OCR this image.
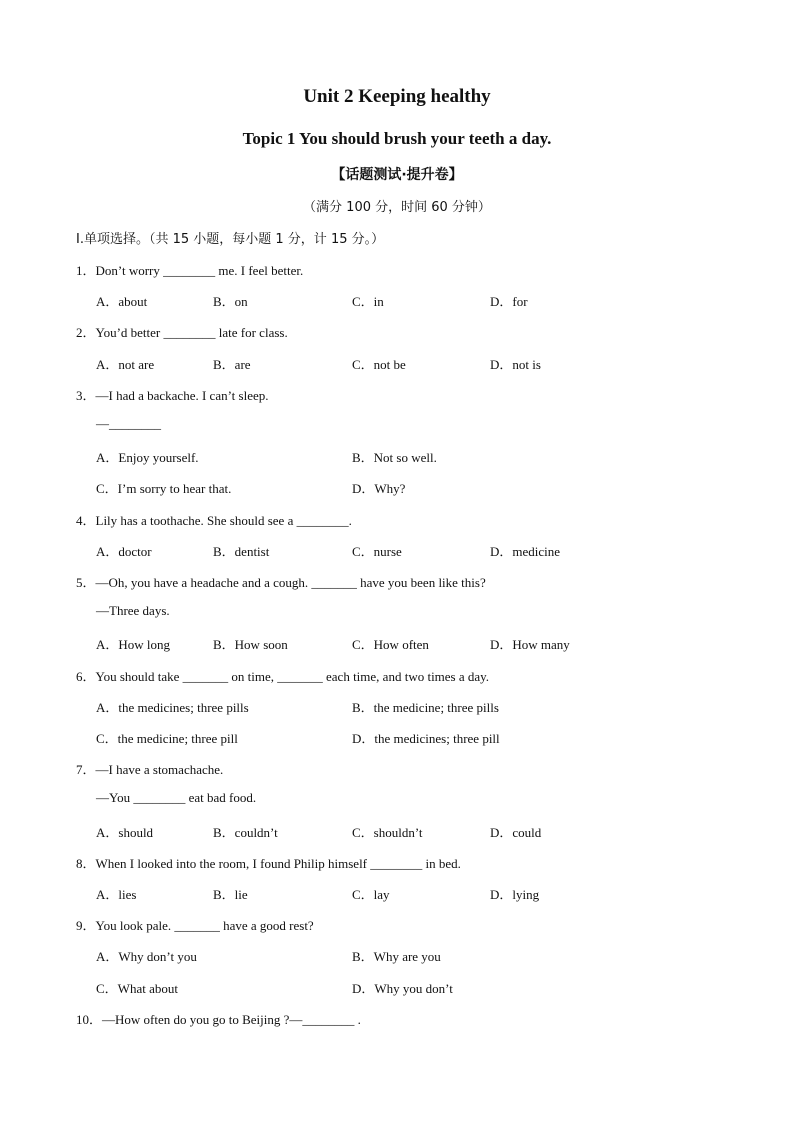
Unit 2 Keeping healthy
Topic 1 You should brush your teeth a day.
【话题测试·提升卷】
（满分 100 分，时间 60 分钟）
I.单项选择。（共 15 小题，每小题 1 分，计 15 分。）
1．Don’t worry ________ me. I feel better.
A．about	B．on	C．in	D．for
2．You’d better ________ late for class.
A．not are	B．are	C．not be	D．not is
3．—I had a backache. I can’t sleep.
—________
A．Enjoy yourself.	B．Not so well.
C．I’m sorry to hear that.	D．Why?
4．Lily has a toothache. She should see a ________.
A．doctor	B．dentist	C．nurse	D．medicine
5．—Oh, you have a headache and a cough. _______ have you been like this?
—Three days.
A．How long	B．How soon	C．How often	D．How many
6．You should take _______ on time, _______ each time, and two times a day.
A．the medicines; three pills	B．the medicine; three pills
C．the medicine; three pill	D．the medicines; three pill
7．—I have a stomachache.
—You ________ eat bad food.
A．should	B．couldn’t	C．shouldn’t	D．could
8．When I looked into the room, I found Philip himself ________ in bed.
A．lies	B．lie	C．lay	D．lying
9．You look pale. _______ have a good rest?
A．Why don’t you	B．Why are you
C．What about	D．Why you don’t
10．—How often do you go to Beijing ?—________ .
